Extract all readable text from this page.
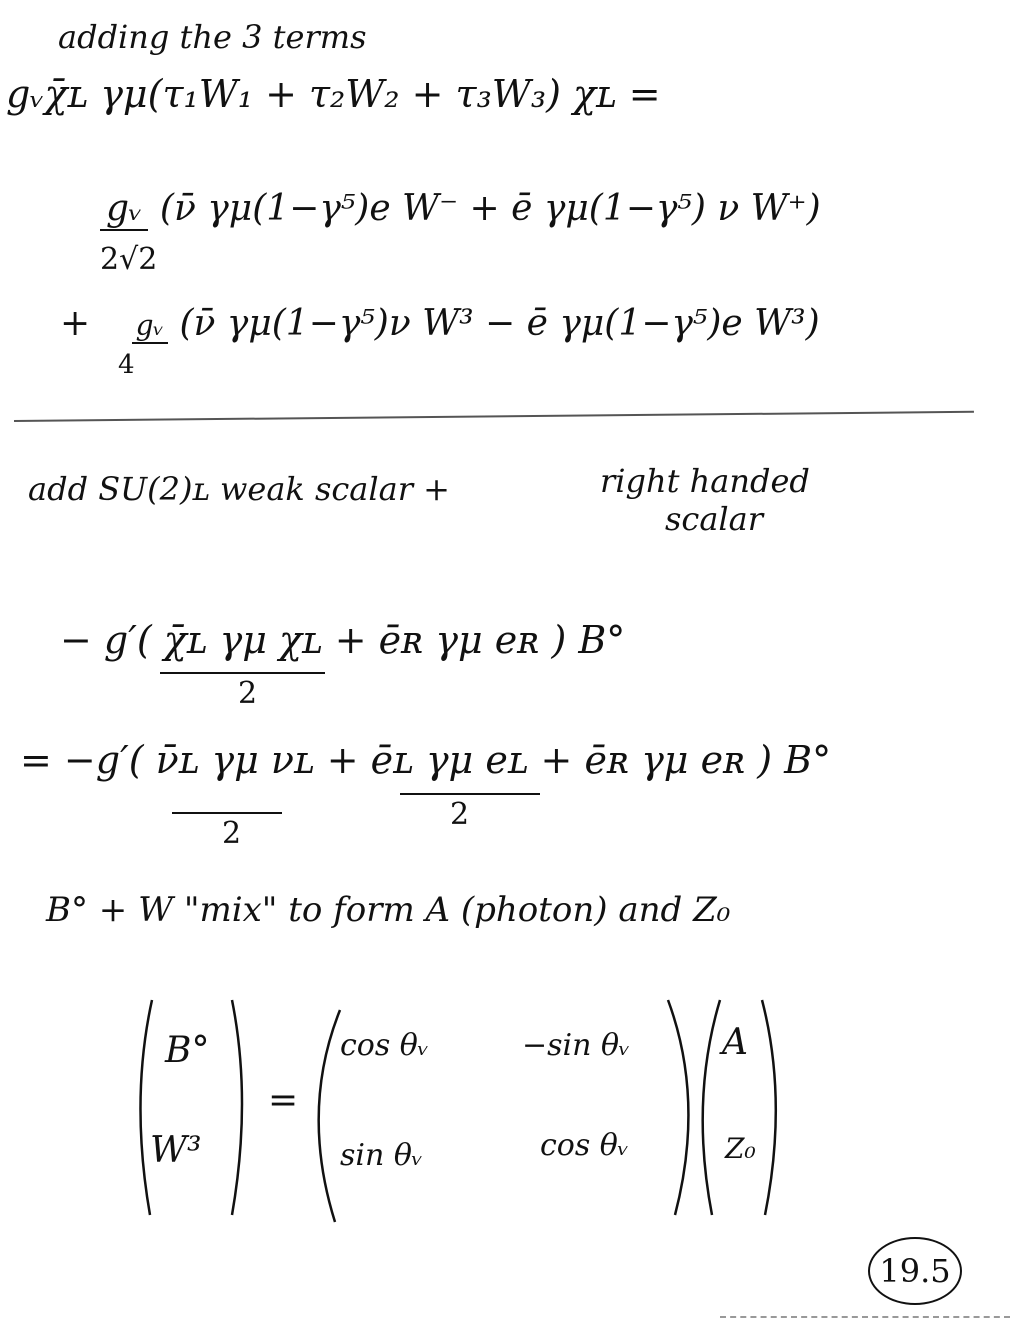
adding the 3 terms
gᵥχ̄ʟ γμ(τ₁W₁ + τ₂W₂ + τ₃W₃) χʟ =
gᵥ (ν̄ γμ(1−γ⁵)e W⁻ + ē γμ(1−γ⁵) ν W⁺)
2√2
+ gᵥ (ν̄ γμ(1−γ⁵)ν W³ − ē γμ(1−γ⁵)e W³)
4
add SU(2)ʟ weak scalar +	right handed
scalar
− g′( χ̄ʟ γμ χʟ + ēʀ γμ eʀ ) B°
2
= −g′( ν̄ʟ γμ νʟ + ēʟ γμ eʟ + ēʀ γμ eʀ ) B°
2
2
B° + W "mix" to form A (photon) and Z₀
B°
W³
=
cos θᵥ	−sin θᵥ
sin θᵥ	cos θᵥ
A
Z₀
19.5
